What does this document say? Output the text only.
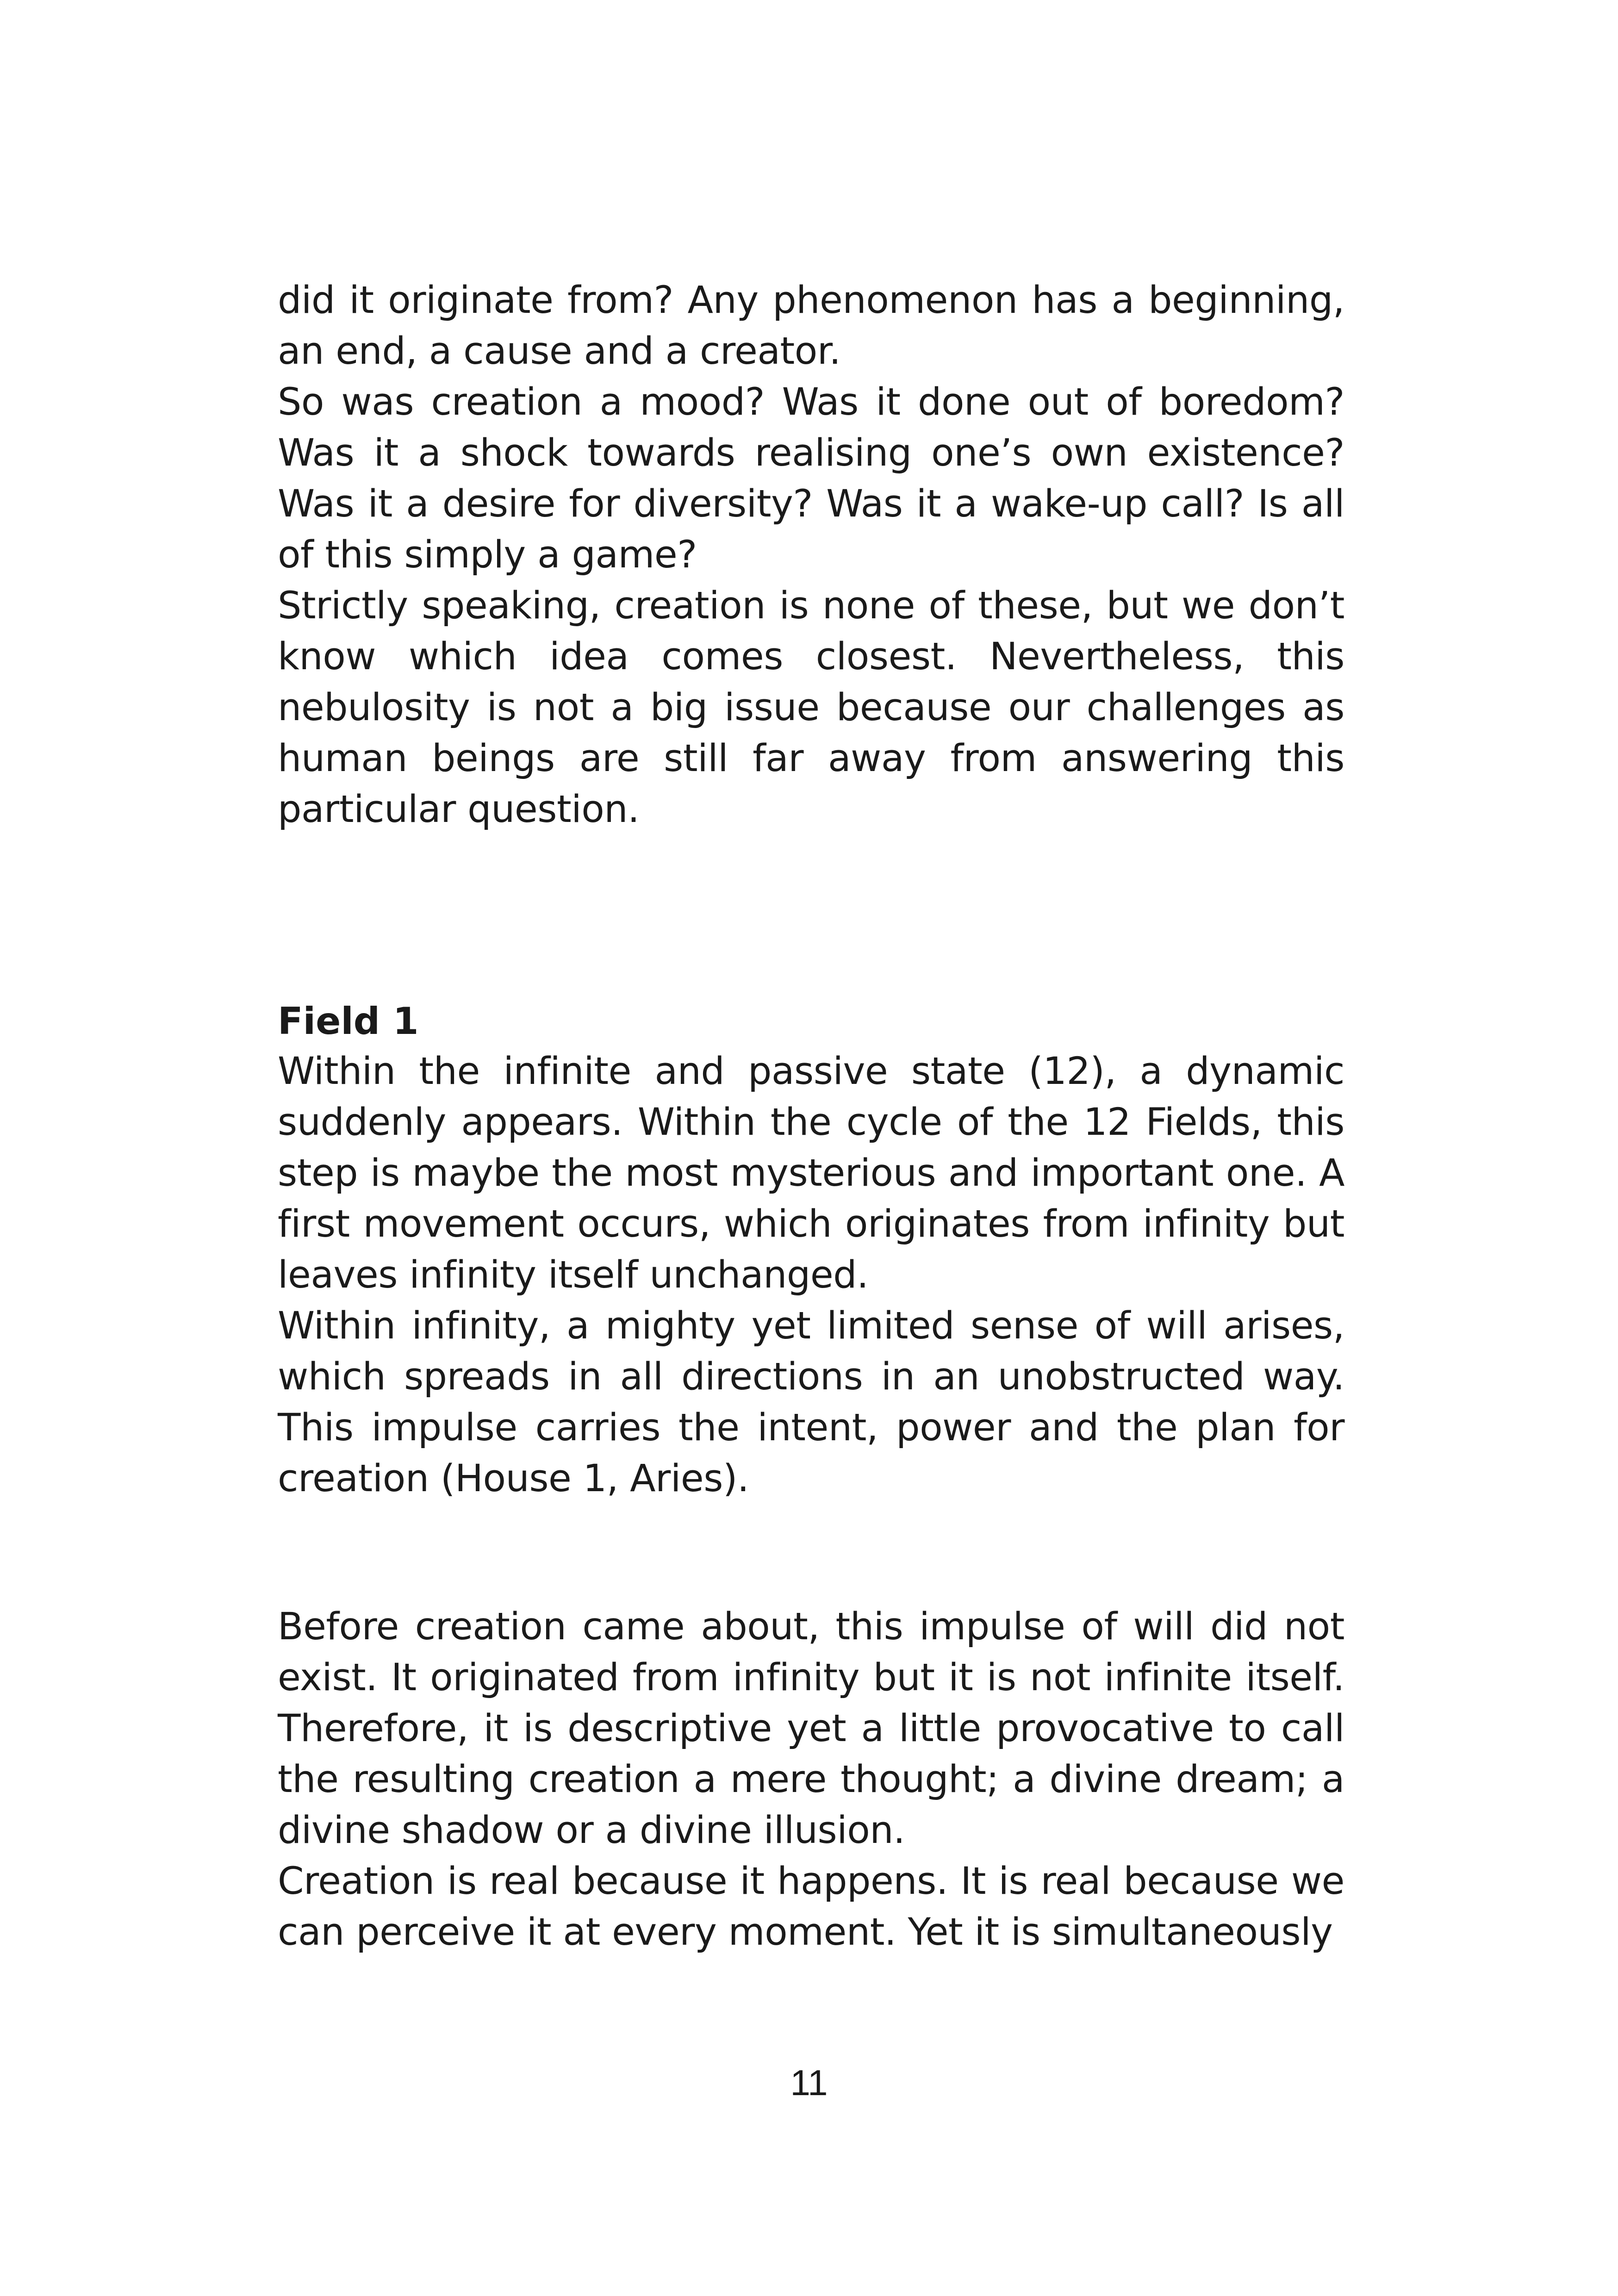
did it originate from? Any phenomenon has a beginning, an end, a cause and a creator.

So was creation a mood? Was it done out of boredom? Was it a shock towards realising one’s own existence? Was it a desire for diversity? Was it a wake-up call? Is all of this simply a game?

Strictly speaking, creation is none of these, but we don’t know which idea comes closest. Nevertheless, this nebulosity is not a big issue because our challenges as human beings are still far away from answering this particular question.

Field 1

Within the infinite and passive state (12), a dynamic suddenly appears. Within the cycle of the 12 Fields, this step is maybe the most mysterious and important one. A first movement occurs, which originates from infinity but leaves infinity itself unchanged.

Within infinity, a mighty yet limited sense of will arises, which spreads in all directions in an unobstructed way. This impulse carries the intent, power and the plan for creation (House 1, Aries).

Before creation came about, this impulse of will did not exist. It originated from infinity but it is not infinite itself. Therefore, it is descriptive yet a little provocative to call the resulting creation a mere thought; a divine dream; a divine shadow or a divine illusion.

Creation is real because it happens. It is real because we can perceive it at every moment. Yet it is simultaneously

11
